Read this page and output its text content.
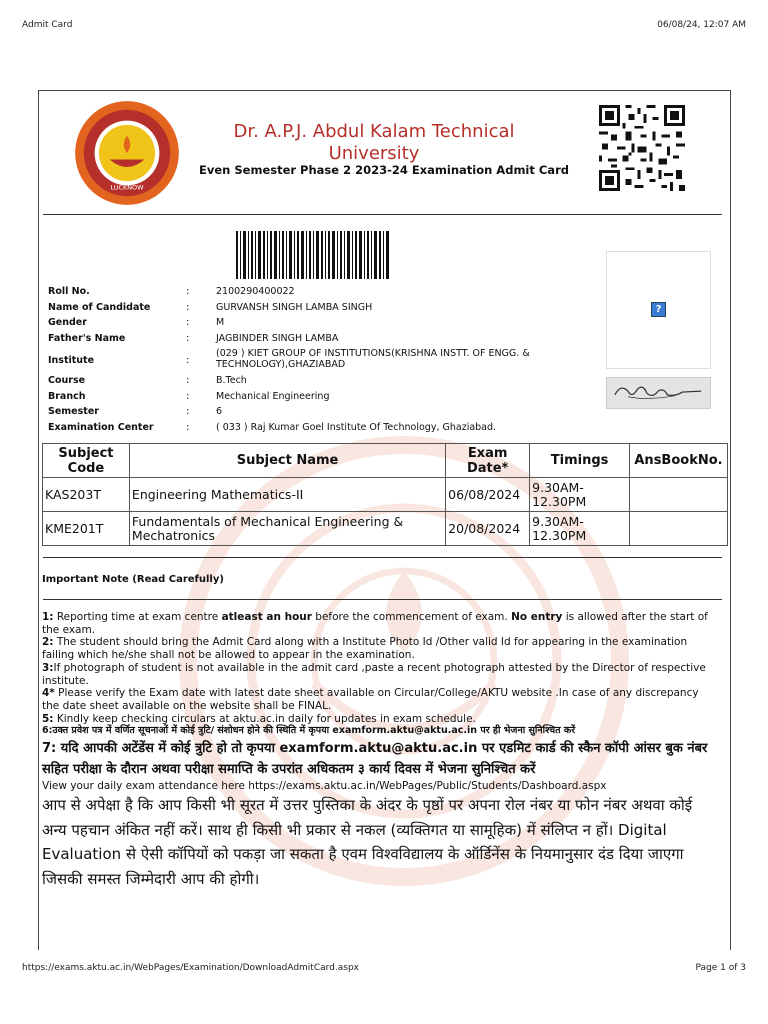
Admit Card	06/08/24, 12:07 AM
LUCKNOW
Dr. A.P.J. Abdul Kalam Technical
University
Even Semester Phase 2 2023-24 Examination Admit Card
?
Roll No.	:	2100290400022
Name of Candidate	:	GURVANSH SINGH LAMBA SINGH
Gender	:	M
Father's Name	:	JAGBINDER SINGH LAMBA
Institute	:
(029 ) KIET GROUP OF INSTITUTIONS(KRISHNA INSTT. OF ENGG. & TECHNOLOGY),GHAZIABAD
Course	:	B.Tech
Branch	:	Mechanical Engineering
Semester	:	6
Examination Center	:	( 033 ) Raj Kumar Goel Institute Of Technology, Ghaziabad.
Subject Code	Subject Name	Exam Date*	Timings	AnsBookNo.
KAS203T	Engineering Mathematics-II	06/08/2024	9.30AM-12.30PM	
KME201T	Fundamentals of Mechanical Engineering & Mechatronics	20/08/2024	9.30AM-12.30PM	
Important Note (Read Carefully)

1: Reporting time at exam centre atleast an hour before the commencement of exam. No entry is allowed after the start of the exam.

2: The student should bring the Admit Card along with a Institute Photo Id /Other valid Id for appearing in the examination failing which he/she shall not be allowed to appear in the examination.

3:If photograph of student is not available in the admit card ,paste a recent photograph attested by the Director of respective institute.

4* Please verify the Exam date with latest date sheet available on Circular/College/AKTU website .In case of any discrepancy the date sheet available on the website shall be FINAL.

5: Kindly keep checking circulars at aktu.ac.in daily for updates in exam schedule.

6:उक्त प्रवेश पत्र में वर्णित सूचनाओं में कोई त्रुटि/ संशोधन होने की स्थिति में कृपया examform.aktu@aktu.ac.in पर ही भेजना सुनिश्चित करें

7: यदि आपकी अटेंडेंस में कोई त्रुटि हो तो कृपया examform.aktu@aktu.ac.in पर एडमिट कार्ड की स्कैन कॉपी आंसर बुक नंबर सहित परीक्षा के दौरान अथवा परीक्षा समाप्ति के उपरांत अधिकतम ३ कार्य दिवस में भेजना सुनिश्चित करें

View your daily exam attendance here https://exams.aktu.ac.in/WebPages/Public/Students/Dashboard.aspx

आप से अपेक्षा है कि आप किसी भी सूरत में उत्तर पुस्तिका के अंदर के पृष्ठों पर अपना रोल नंबर या फोन नंबर अथवा कोई अन्य पहचान अंकित नहीं करें। साथ ही किसी भी प्रकार से नकल (व्यक्तिगत या सामूहिक) में संलिप्त न हों। Digital Evaluation से ऐसी कॉपियों को पकड़ा जा सकता है एवम विश्वविद्यालय के ऑर्डिनेंस के नियमानुसार दंड दिया जाएगा जिसकी समस्त जिम्मेदारी आप की होगी।

https://exams.aktu.ac.in/WebPages/Examination/DownloadAdmitCard.aspx	Page 1 of 3
